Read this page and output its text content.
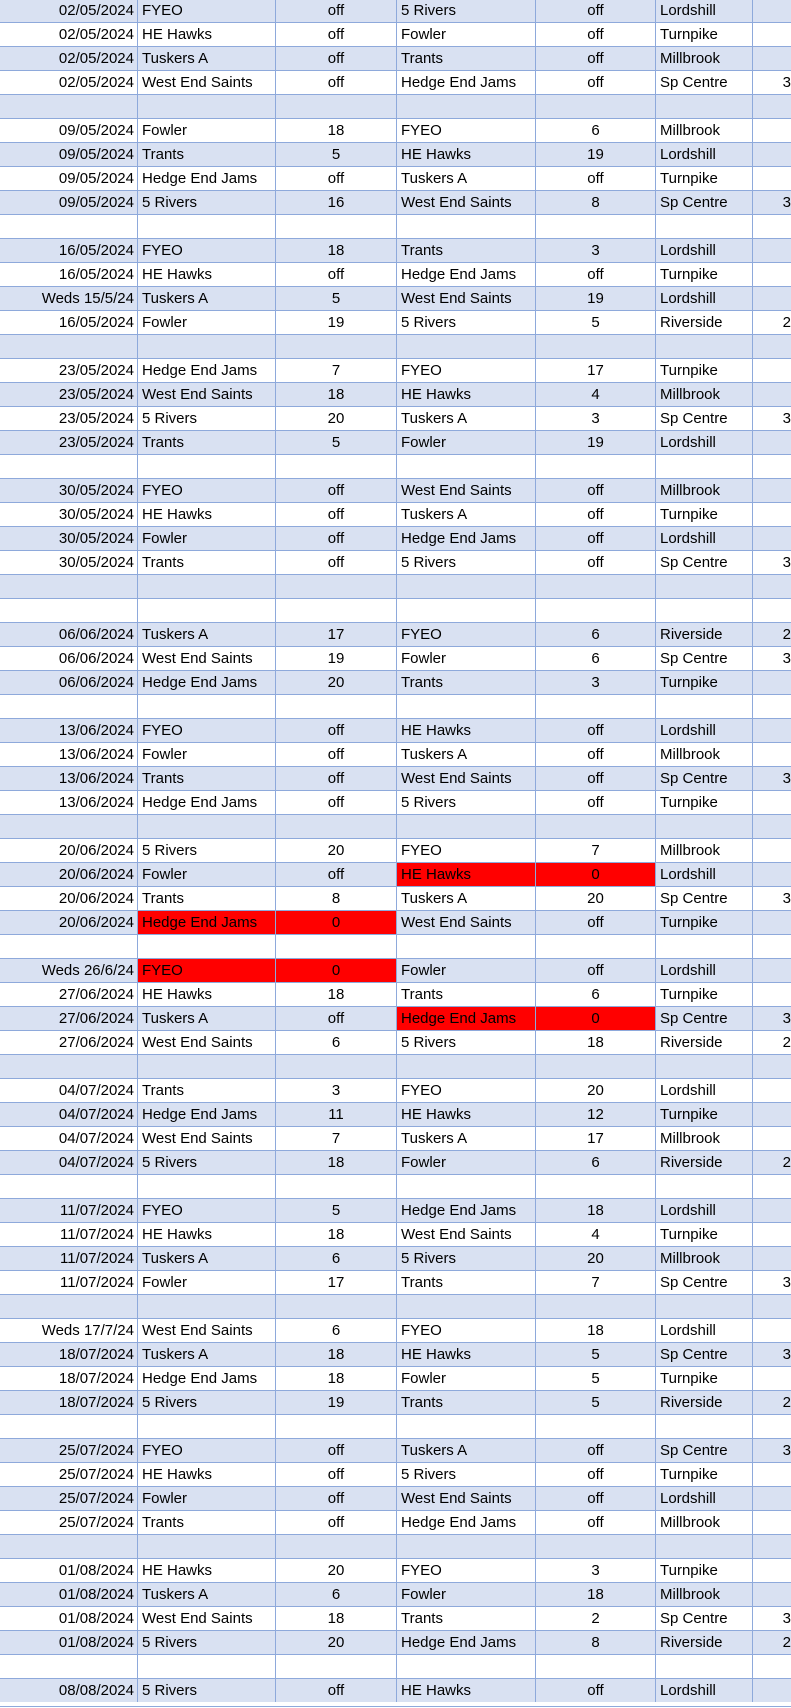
02/05/2024 FYEO	off	5 Rivers	off	Lordshill
02/05/2024 HE Hawks	off	Fowler	off	Turnpike
02/05/2024 Tuskers A	off	Trants	off	Millbrook
02/05/2024 West End Saints	off	Hedge End Jams	off	Sp Centre	3
09/05/2024 Fowler	18	FYEO	6	Millbrook
09/05/2024 Trants	5	HE Hawks	19	Lordshill
09/05/2024 Hedge End Jams	off	Tuskers A	off	Turnpike
09/05/2024 5 Rivers	16	West End Saints	8	Sp Centre	3
16/05/2024 FYEO	18	Trants	3	Lordshill
16/05/2024 HE Hawks	off	Hedge End Jams	off	Turnpike
Weds 15/5/24 Tuskers A	5	West End Saints	19	Lordshill
16/05/2024 Fowler	19	5 Rivers	5	Riverside	2
23/05/2024 Hedge End Jams	7	FYEO	17	Turnpike
23/05/2024 West End Saints	18	HE Hawks	4	Millbrook
23/05/2024 5 Rivers	20	Tuskers A	3	Sp Centre	3
23/05/2024 Trants	5	Fowler	19	Lordshill
30/05/2024 FYEO	off	West End Saints	off	Millbrook
30/05/2024 HE Hawks	off	Tuskers A	off	Turnpike
30/05/2024 Fowler	off	Hedge End Jams	off	Lordshill
30/05/2024 Trants	off	5 Rivers	off	Sp Centre	3
06/06/2024 Tuskers A	17	FYEO	6	Riverside	2
06/06/2024 West End Saints	19	Fowler	6	Sp Centre	3
06/06/2024 Hedge End Jams	20	Trants	3	Turnpike
13/06/2024 FYEO	off	HE Hawks	off	Lordshill
13/06/2024 Fowler	off	Tuskers A	off	Millbrook
13/06/2024 Trants	off	West End Saints	off	Sp Centre	3
13/06/2024 Hedge End Jams	off	5 Rivers	off	Turnpike
20/06/2024 5 Rivers	20	FYEO	7	Millbrook
20/06/2024 Fowler	off	HE Hawks	0	Lordshill
20/06/2024 Trants	8	Tuskers A	20	Sp Centre	3
20/06/2024 Hedge End Jams	0	West End Saints	off	Turnpike
Weds 26/6/24 FYEO	0	Fowler	off	Lordshill
27/06/2024 HE Hawks	18	Trants	6	Turnpike
27/06/2024 Tuskers A	off	Hedge End Jams	0	Sp Centre	3
27/06/2024 West End Saints	6	5 Rivers	18	Riverside	2
04/07/2024 Trants	3	FYEO	20	Lordshill
04/07/2024 Hedge End Jams	11	HE Hawks	12	Turnpike
04/07/2024 West End Saints	7	Tuskers A	17	Millbrook
04/07/2024 5 Rivers	18	Fowler	6	Riverside	2
11/07/2024 FYEO	5	Hedge End Jams	18	Lordshill
11/07/2024 HE Hawks	18	West End Saints	4	Turnpike
11/07/2024 Tuskers A	6	5 Rivers	20	Millbrook
11/07/2024 Fowler	17	Trants	7	Sp Centre	3
Weds 17/7/24 West End Saints	6	FYEO	18	Lordshill
18/07/2024 Tuskers A	18	HE Hawks	5	Sp Centre	3
18/07/2024 Hedge End Jams	18	Fowler	5	Turnpike
18/07/2024 5 Rivers	19	Trants	5	Riverside	2
25/07/2024 FYEO	off	Tuskers A	off	Sp Centre	3
25/07/2024 HE Hawks	off	5 Rivers	off	Turnpike
25/07/2024 Fowler	off	West End Saints	off	Lordshill
25/07/2024 Trants	off	Hedge End Jams	off	Millbrook
01/08/2024 HE Hawks	20	FYEO	3	Turnpike
01/08/2024 Tuskers A	6	Fowler	18	Millbrook
01/08/2024 West End Saints	18	Trants	2	Sp Centre	3
01/08/2024 5 Rivers	20	Hedge End Jams	8	Riverside	2
08/08/2024 5 Rivers	off	HE Hawks	off	Lordshill
